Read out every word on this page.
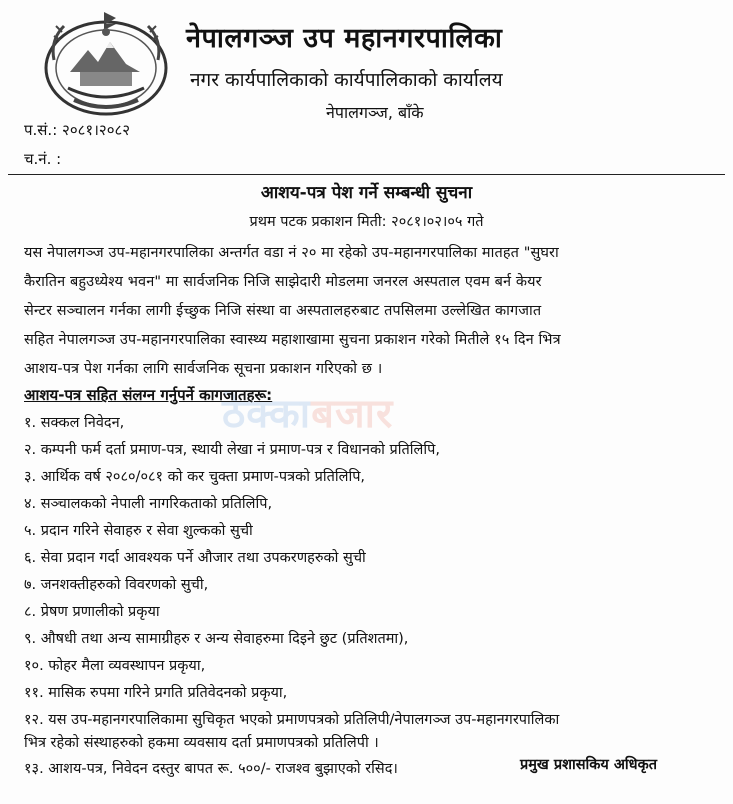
नेपालगञ्ज उप महानगरपालिका
नगर कार्यपालिकाको कार्यपालिकाको कार्यालय
नेपालगञ्ज, बाँके
प.सं.: २०८१।२०८२
च.नं. :
आशय-पत्र पेश गर्ने सम्बन्धी सुचना
प्रथम पटक प्रकाशन मिती: २०८१।०२।०५ गते
यस नेपालगञ्ज उप-महानगरपालिका अन्तर्गत वडा नं २० मा रहेको उप-महानगरपालिका मातहत "सुघरा
कैरातिन बहुउध्येश्य भवन" मा सार्वजनिक निजि साझेदारी मोडलमा जनरल अस्पताल एवम बर्न केयर
सेन्टर सञ्चालन गर्नका लागी ईच्छुक निजि संस्था वा अस्पतालहरुबाट तपसिलमा उल्लेखित कागजात
सहित नेपालगञ्ज उप-महानगरपालिका स्वास्थ्य महाशाखामा सुचना प्रकाशन गरेको मितीले १५ दिन भित्र
आशय-पत्र पेश गर्नका लागि सार्वजनिक सूचना प्रकाशन गरिएको छ ।
ठेक्काबजार
आशय-पत्र सहित संलग्न गर्नुपर्ने कागजातहरू:
१. सक्कल निवेदन,
२. कम्पनी फर्म दर्ता प्रमाण-पत्र, स्थायी लेखा नं प्रमाण-पत्र र विधानको प्रतिलिपि,
३. आर्थिक वर्ष २०८०/०८१ को कर चुक्ता प्रमाण-पत्रको प्रतिलिपि,
४. सञ्चालकको नेपाली नागरिकताको प्रतिलिपि,
५. प्रदान गरिने सेवाहरु र सेवा शुल्कको सुची
६. सेवा प्रदान गर्दा आवश्यक पर्ने औजार तथा उपकरणहरुको सुची
७. जनशक्तीहरुको विवरणको सुची,
८. प्रेषण प्रणालीको प्रकृया
९. औषधी तथा अन्य सामाग्रीहरु र अन्य सेवाहरुमा दिइने छुट (प्रतिशतमा),
१०. फोहर मैला व्यवस्थापन प्रकृया,
११. मासिक रुपमा गरिने प्रगति प्रतिवेदनको प्रकृया,
१२. यस उप-महानगरपालिकामा सुचिकृत भएको प्रमाणपत्रको प्रतिलिपी/नेपालगञ्ज उप-महानगरपालिका
भित्र रहेको संस्थाहरुको हकमा व्यवसाय दर्ता प्रमाणपत्रको प्रतिलिपी ।
१३. आशय-पत्र, निवेदन दस्तुर बापत रू. ५००/- राजश्व बुझाएको रसिद।	प्रमुख प्रशासकिय अधिकृत
